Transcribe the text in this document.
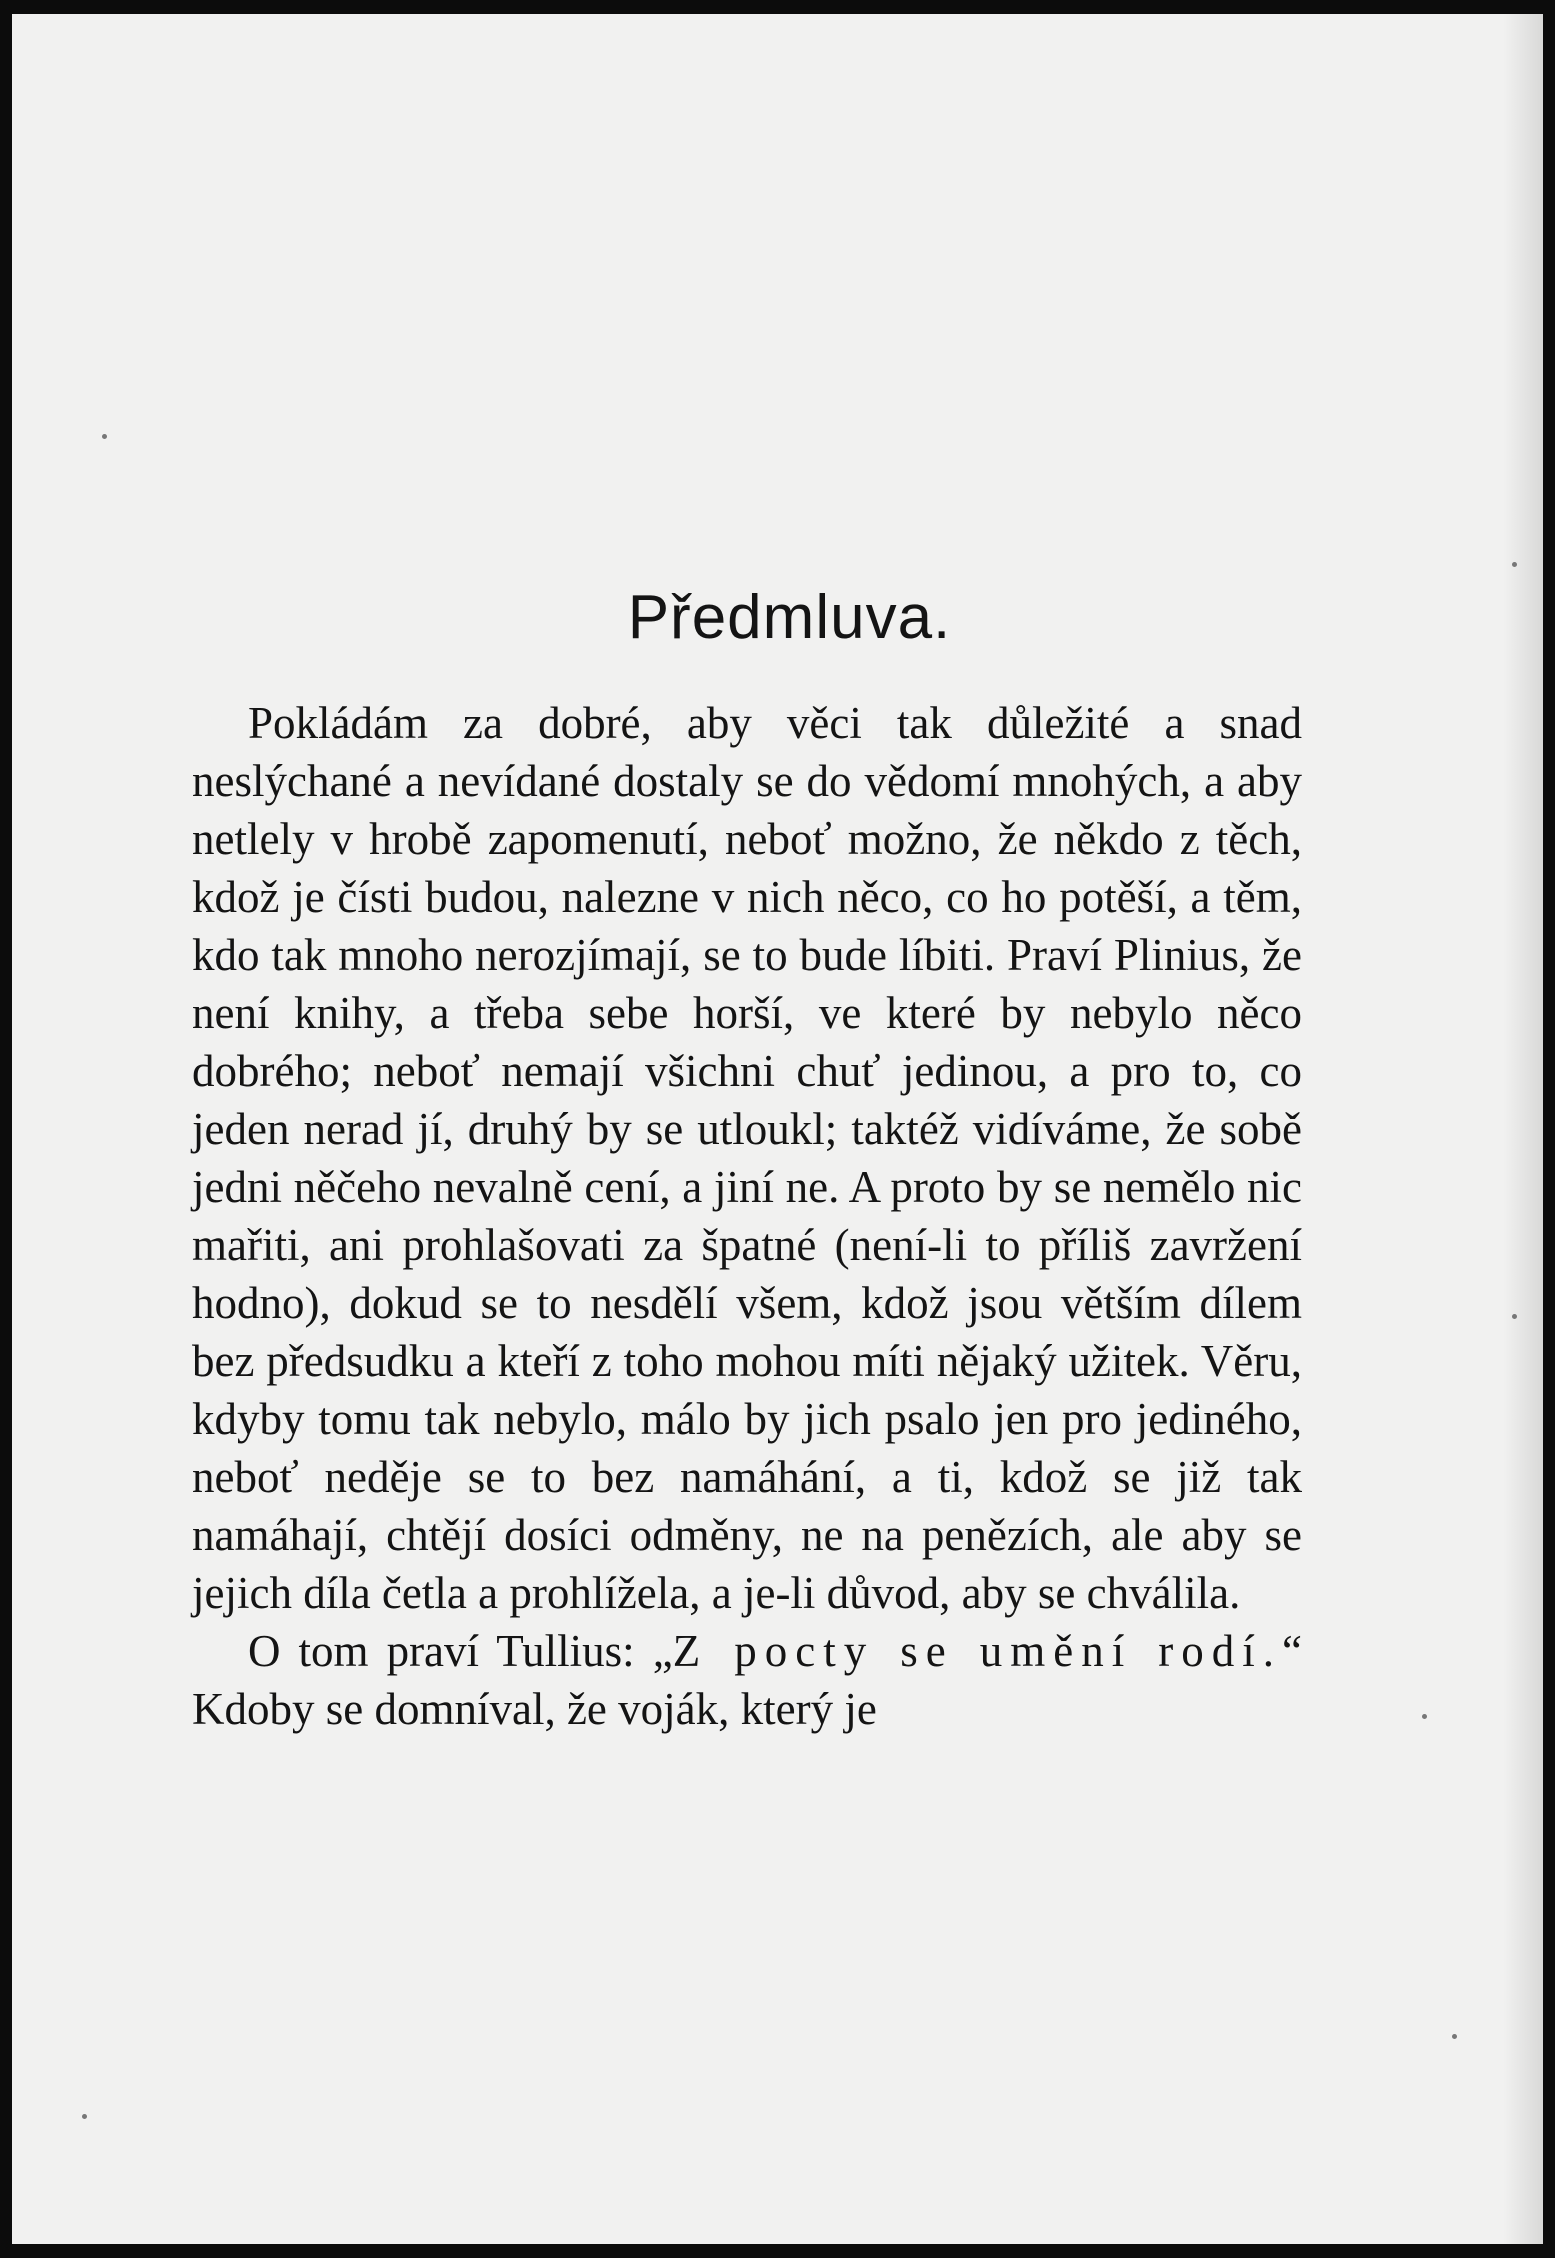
Předmluva.

Pokládám za dobré, aby věci tak důležité a snad neslýchané a nevídané dostaly se do vědomí mnohých, a aby netlely v hrobě zapomenutí, neboť možno, že někdo z těch, kdož je čísti budou, nalezne v nich něco, co ho potěší, a těm, kdo tak mnoho nerozjímají, se to bude líbiti. Praví Plinius, že není knihy, a třeba sebe horší, ve které by nebylo něco dobrého; neboť nemají všichni chuť jedinou, a pro to, co jeden nerad jí, druhý by se utloukl; taktéž vidíváme, že sobě jedni něčeho nevalně cení, a jiní ne. A proto by se nemělo nic mařiti, ani prohlašovati za špatné (není-li to příliš zavržení hodno), dokud se to nesdělí všem, kdož jsou větším dílem bez předsudku a kteří z toho mohou míti nějaký užitek. Věru, kdyby tomu tak nebylo, málo by jich psalo jen pro jediného, neboť neděje se to bez namáhání, a ti, kdož se již tak namáhají, chtějí dosíci odměny, ne na penězích, ale aby se jejich díla četla a prohlížela, a je-li důvod, aby se chválila.

O tom praví Tullius: „Z pocty se umění rodí.“ Kdoby se domníval, že voják, který je
